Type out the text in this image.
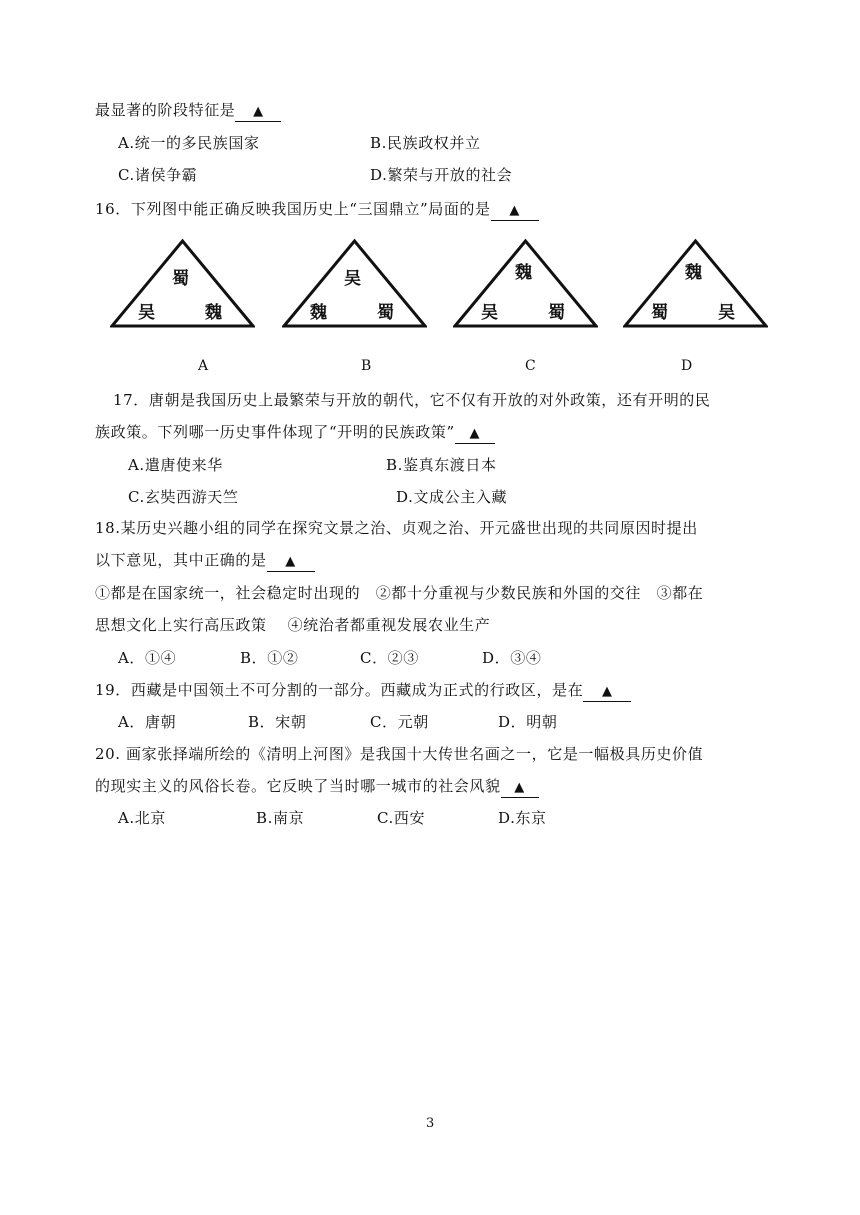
最显著的阶段特征是 ▲
A.统一的多民族国家	B.民族政权并立
C.诸侯争霸	D.繁荣与开放的社会
16．下列图中能正确反映我国历史上“三国鼎立”局面的是 ▲
蜀
吴	魏
吴
魏	蜀
魏
吴	蜀
魏
蜀	吴
A	B	C	D
17．唐朝是我国历史上最繁荣与开放的朝代，它不仅有开放的对外政策，还有开明的民
族政策。下列哪一历史事件体现了“开明的民族政策” ▲
A.遣唐使来华	B.鉴真东渡日本
C.玄奘西游天竺	D.文成公主入藏
18.某历史兴趣小组的同学在探究文景之治、贞观之治、开元盛世出现的共同原因时提出
以下意见，其中正确的是 ▲
①都是在国家统一，社会稳定时出现的　②都十分重视与少数民族和外国的交往　③都在
思想文化上实行高压政策　 ④统治者都重视发展农业生产
A．①④	B．①②	C．②③	D．③④
19．西藏是中国领土不可分割的一部分。西藏成为正式的行政区，是在 ▲
A．唐朝	B．宋朝	C．元朝	D．明朝
20. 画家张择端所绘的《清明上河图》是我国十大传世名画之一，它是一幅极具历史价值
的现实主义的风俗长卷。它反映了当时哪一城市的社会风貌 ▲
A.北京	B.南京	C.西安	D.东京
3
